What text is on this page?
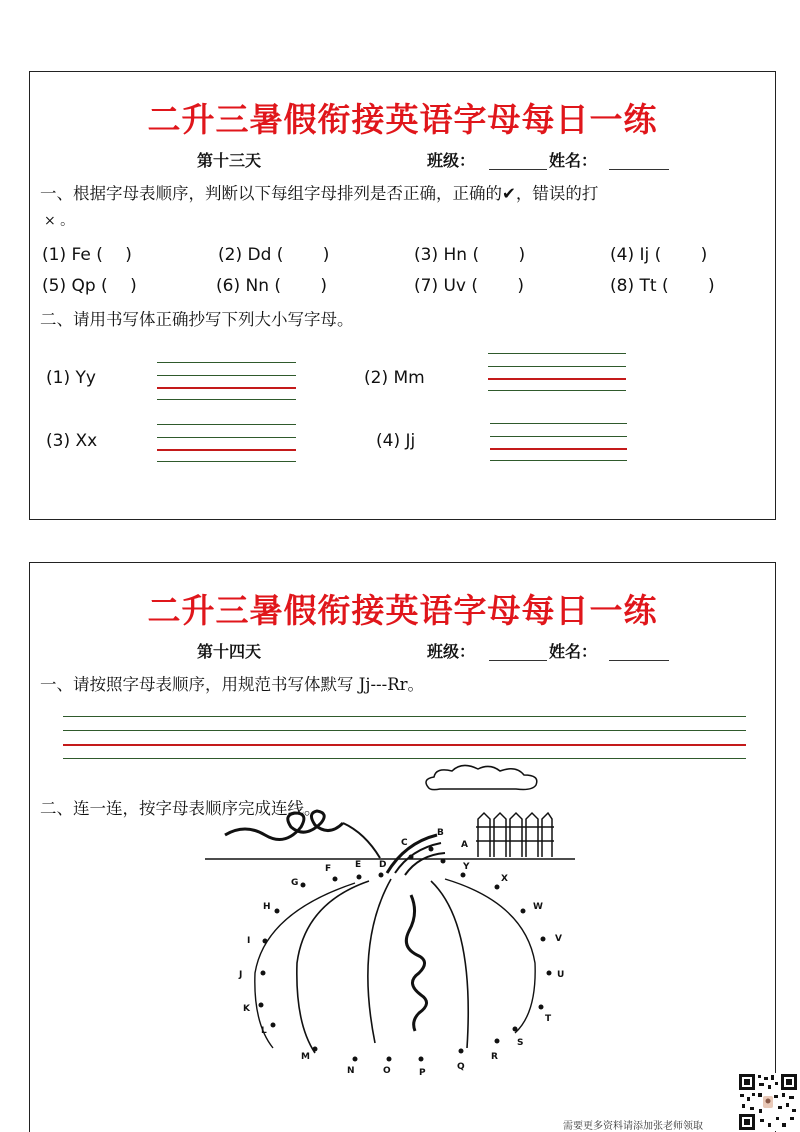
二升三暑假衔接英语字母每日一练
第十三天	班级：	姓名：
一、根据字母表顺序，判断以下每组字母排列是否正确，正确的✔，错误的打
× 。
(1) Fe (　 )	(2) Dd (　　 )	(3) Hn (　　 )	(4) Ij (　　 )
(5) Qp (　 )	(6) Nn (　　 )	(7) Uv (　　 )	(8) Tt (　　 )
二、请用书写体正确抄写下列大小写字母。
(1) Yy	(2) Mm
(3) Xx	(4) Jj
二升三暑假衔接英语字母每日一练
第十四天	班级：	姓名：
一、请按照字母表顺序，用规范书写体默写 Jj---Rr。
二、连一连，按字母表顺序完成连线。
A
B
C
D
E
F
G
H
I
J
K
L
M
N	O	P
Q
R
S
T
U
V
W
X
Y
需要更多资料请添加张老师领取
